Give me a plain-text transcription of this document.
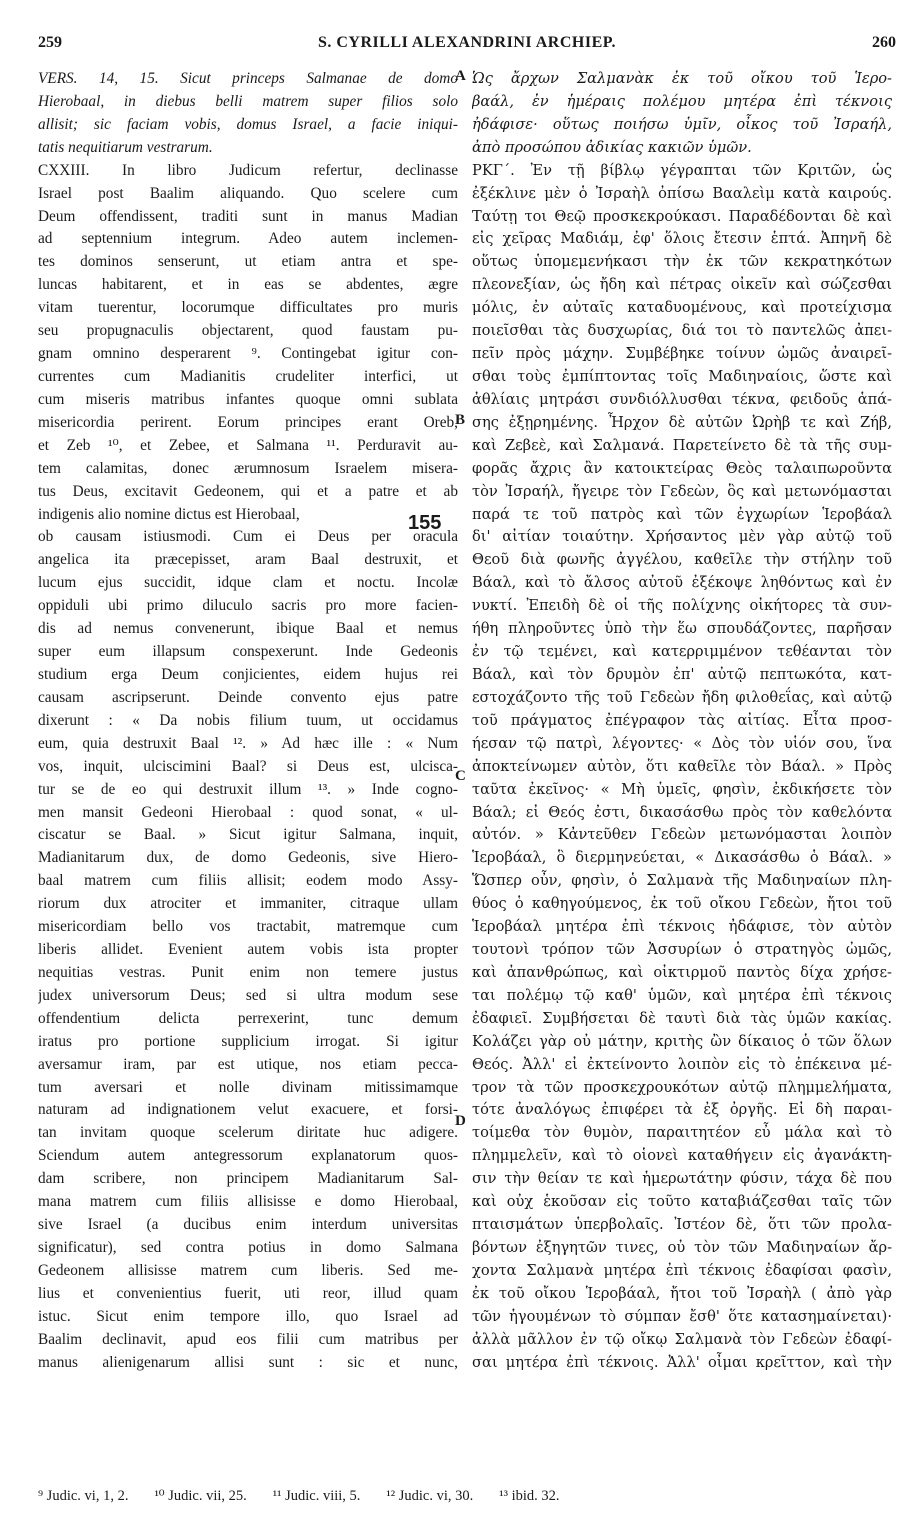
259	S. CYRILLI ALEXANDRINI ARCHIEP.	260
VERS. 14, 15. Sicut princeps Salmanae de domo
Hierobaal, in diebus belli matrem super filios solo
allisit; sic faciam vobis, domus Israel, a facie iniqui-
tatis nequitiarum vestrarum.
CXXIII. In libro Judicum refertur, declinasse
Israel post Baalim aliquando. Quo scelere cum
Deum offendissent, traditi sunt in manus Madian
ad septennium integrum. Adeo autem inclemen-
tes dominos senserunt, ut etiam antra et spe-
luncas habitarent, et in eas se abdentes, ægre
vitam tuerentur, locorumque difficultates pro muris
seu propugnaculis objectarent, quod faustam pu-
gnam omnino desperarent ⁹. Contingebat igitur con-
currentes cum Madianitis crudeliter interfici, ut
cum miseris matribus infantes quoque omni sublata
misericordia perirent. Eorum principes erant Oreb,
et Zeb ¹⁰, et Zebee, et Salmana ¹¹. Perduravit au-
tem calamitas, donec ærumnosum Israelem misera-
tus Deus, excitavit Gedeonem, qui et a patre et ab
indigenis alio nomine dictus est Hierobaal,
ob causam istiusmodi. Cum ei Deus per oracula
angelica ita præcepisset, aram Baal destruxit, et
lucum ejus succidit, idque clam et noctu. Incolæ
oppiduli ubi primo diluculo sacris pro more facien-
dis ad nemus convenerunt, ibique Baal et nemus
super eum illapsum conspexerunt. Inde Gedeonis
studium erga Deum conjicientes, eidem hujus rei
causam ascripserunt. Deinde convento ejus patre
dixerunt : « Da nobis filium tuum, ut occidamus
eum, quia destruxit Baal ¹². » Ad hæc ille : « Num
vos, inquit, ulciscimini Baal? si Deus est, ulcisca-
tur se de eo qui destruxit illum ¹³. » Inde cogno-
men mansit Gedeoni Hierobaal : quod sonat, « ul-
ciscatur se Baal. » Sicut igitur Salmana, inquit,
Madianitarum dux, de domo Gedeonis, sive Hiero-
baal matrem cum filiis allisit; eodem modo Assy-
riorum dux atrociter et immaniter, citraque ullam
misericordiam bello vos tractabit, matremque cum
liberis allidet. Evenient autem vobis ista propter
nequitias vestras. Punit enim non temere justus
judex universorum Deus; sed si ultra modum sese
offendentium delicta perrexerint, tunc demum
iratus pro portione supplicium irrogat. Si igitur
aversamur iram, par est utique, nos etiam pecca-
tum aversari et nolle divinam mitissimamque
naturam ad indignationem velut exacuere, et forsi-
tan invitam quoque scelerum diritate huc adigere.
Sciendum autem antegressorum explanatorum quos-
dam scribere, non principem Madianitarum Sal-
mana matrem cum filiis allisisse e domo Hierobaal,
sive Israel (a ducibus enim interdum universitas
significatur), sed contra potius in domo Salmana
Gedeonem allisisse matrem cum liberis. Sed me-
lius et convenientius fuerit, uti reor, illud quam
istuc. Sicut enim tempore illo, quo Israel ad
Baalim declinavit, apud eos filii cum matribus per
manus alienigenarum allisi sunt : sic et nunc,
Ὡς ἄρχων Σαλμανὰκ ἐκ τοῦ οἴκου τοῦ Ἱερο-
βαάλ, ἐν ἡμέραις πολέμου μητέρα ἐπὶ τέκνοις
ἠδάφισε· οὕτως ποιήσω ὑμῖν, οἶκος τοῦ Ἰσραήλ,
ἀπὸ προσώπου ἀδικίας κακιῶν ὑμῶν.
ΡΚΓ΄. Ἐν τῇ βίβλῳ γέγραπται τῶν Κριτῶν, ὡς
ἐξέκλινε μὲν ὁ Ἰσραὴλ ὀπίσω Βααλεὶμ κατὰ καιρούς.
Ταύτῃ τοι Θεῷ προσκεκρούκασι. Παραδέδονται δὲ καὶ
εἰς χεῖρας Μαδιάμ, ἐφ' ὅλοις ἔτεσιν ἑπτά. Ἀπηνῆ δὲ
οὕτως ὑπομεμενήκασι τὴν ἐκ τῶν κεκρατηκότων
πλεονεξίαν, ὡς ἤδη καὶ πέτρας οἰκεῖν καὶ σώζεσθαι
μόλις, ἐν αὐταῖς καταδυομένους, καὶ προτείχισμα
ποιεῖσθαι τὰς δυσχωρίας, διά τοι τὸ παντελῶς ἀπει-
πεῖν πρὸς μάχην. Συμβέβηκε τοίνυν ὠμῶς ἀναιρεῖ-
σθαι τοὺς ἐμπίπτοντας τοῖς Μαδιηναίοις, ὥστε καὶ
ἀθλίαις μητράσι συνδιόλλυσθαι τέκνα, φειδοῦς ἁπά-
σης ἐξῃρημένης. Ἦρχον δὲ αὐτῶν Ὠρὴβ τε καὶ Ζήβ,
καὶ Ζεβεὲ, καὶ Σαλμανά. Παρετείνετο δὲ τὰ τῆς συμ-
φορᾶς ἄχρις ἂν κατοικτείρας Θεὸς ταλαιπωροῦντα
τὸν Ἰσραήλ, ἤγειρε τὸν Γεδεὼν, ὃς καὶ μετωνόμασται
παρά τε τοῦ πατρὸς καὶ τῶν ἐγχωρίων Ἱεροβάαλ
δι' αἰτίαν τοιαύτην. Χρήσαντος μὲν γὰρ αὐτῷ τοῦ
Θεοῦ διὰ φωνῆς ἀγγέλου, καθεῖλε τὴν στήλην τοῦ
Βάαλ, καὶ τὸ ἄλσος αὐτοῦ ἐξέκοψε ληθόντως καὶ ἐν
νυκτί. Ἐπειδὴ δὲ οἱ τῆς πολίχνης οἰκήτορες τὰ συν-
ήθη πληροῦντες ὑπὸ τὴν ἕω σπουδάζοντες, παρῆσαν
ἐν τῷ τεμένει, καὶ κατερριμμένον τεθέανται τὸν
Βάαλ, καὶ τὸν δρυμὸν ἐπ' αὐτῷ πεπτωκότα, κατ-
εστοχάζοντο τῆς τοῦ Γεδεὼν ἤδη φιλοθεΐας, καὶ αὐτῷ
τοῦ πράγματος ἐπέγραφον τὰς αἰτίας. Εἶτα προσ-
ήεσαν τῷ πατρὶ, λέγοντες· « Δὸς τὸν υἱόν σου, ἵνα
ἀποκτείνωμεν αὐτὸν, ὅτι καθεῖλε τὸν Βάαλ. » Πρὸς
ταῦτα ἐκεῖνος· « Μὴ ὑμεῖς, φησὶν, ἐκδικήσετε τὸν
Βάαλ; εἰ Θεός ἐστι, δικασάσθω πρὸς τὸν καθελόντα
αὐτόν. » Κἀντεῦθεν Γεδεὼν μετωνόμασται λοιπὸν
Ἱεροβάαλ, ὃ διερμηνεύεται, « Δικασάσθω ὁ Βάαλ. »
Ὥσπερ οὖν, φησὶν, ὁ Σαλμανὰ τῆς Μαδιηναίων πλη-
θύος ὁ καθηγούμενος, ἐκ τοῦ οἴκου Γεδεὼν, ἤτοι τοῦ
Ἱεροβάαλ μητέρα ἐπὶ τέκνοις ἠδάφισε, τὸν αὐτὸν
τουτονὶ τρόπον τῶν Ἀσσυρίων ὁ στρατηγὸς ὠμῶς,
καὶ ἀπανθρώπως, καὶ οἰκτιρμοῦ παντὸς δίχα χρήσε-
ται πολέμῳ τῷ καθ' ὑμῶν, καὶ μητέρα ἐπὶ τέκνοις
ἐδαφιεῖ. Συμβήσεται δὲ ταυτὶ διὰ τὰς ὑμῶν κακίας.
Κολάζει γὰρ οὐ μάτην, κριτὴς ὢν δίκαιος ὁ τῶν ὅλων
Θεός. Ἀλλ' εἰ ἐκτείνοντο λοιπὸν εἰς τὸ ἐπέκεινα μέ-
τρον τὰ τῶν προσκεχρουκότων αὐτῷ πλημμελήματα,
τότε ἀναλόγως ἐπιφέρει τὰ ἐξ ὀργῆς. Εἰ δὴ παραι-
τοίμεθα τὸν θυμὸν, παραιτητέον εὖ μάλα καὶ τὸ
πλημμελεῖν, καὶ τὸ οἱονεὶ καταθήγειν εἰς ἀγανάκτη-
σιν τὴν θείαν τε καὶ ἡμερωτάτην φύσιν, τάχα δὲ που
καὶ οὐχ ἑκοῦσαν εἰς τοῦτο καταβιάζεσθαι ταῖς τῶν
πταισμάτων ὑπερβολαῖς. Ἰστέον δὲ, ὅτι τῶν προλα-
βόντων ἐξηγητῶν τινες, οὐ τὸν τῶν Μαδιηναίων ἄρ-
χοντα Σαλμανὰ μητέρα ἐπὶ τέκνοις ἐδαφίσαι φασὶν,
ἐκ τοῦ οἴκου Ἱεροβάαλ, ἤτοι τοῦ Ἰσραὴλ ( ἀπὸ γὰρ
τῶν ἡγουμένων τὸ σύμπαν ἔσθ' ὅτε κατασημαίνεται)·
ἀλλὰ μᾶλλον ἐν τῷ οἴκῳ Σαλμανὰ τὸν Γεδεὼν ἐδαφί-
σαι μητέρα ἐπὶ τέκνοις. Ἀλλ' οἶμαι κρεῖττον, καὶ τὴν
A
B
C
D
155
⁹ Judic. vi, 1, 2. ¹⁰ Judic. vii, 25. ¹¹ Judic. viii, 5. ¹² Judic. vi, 30. ¹³ ibid. 32.
